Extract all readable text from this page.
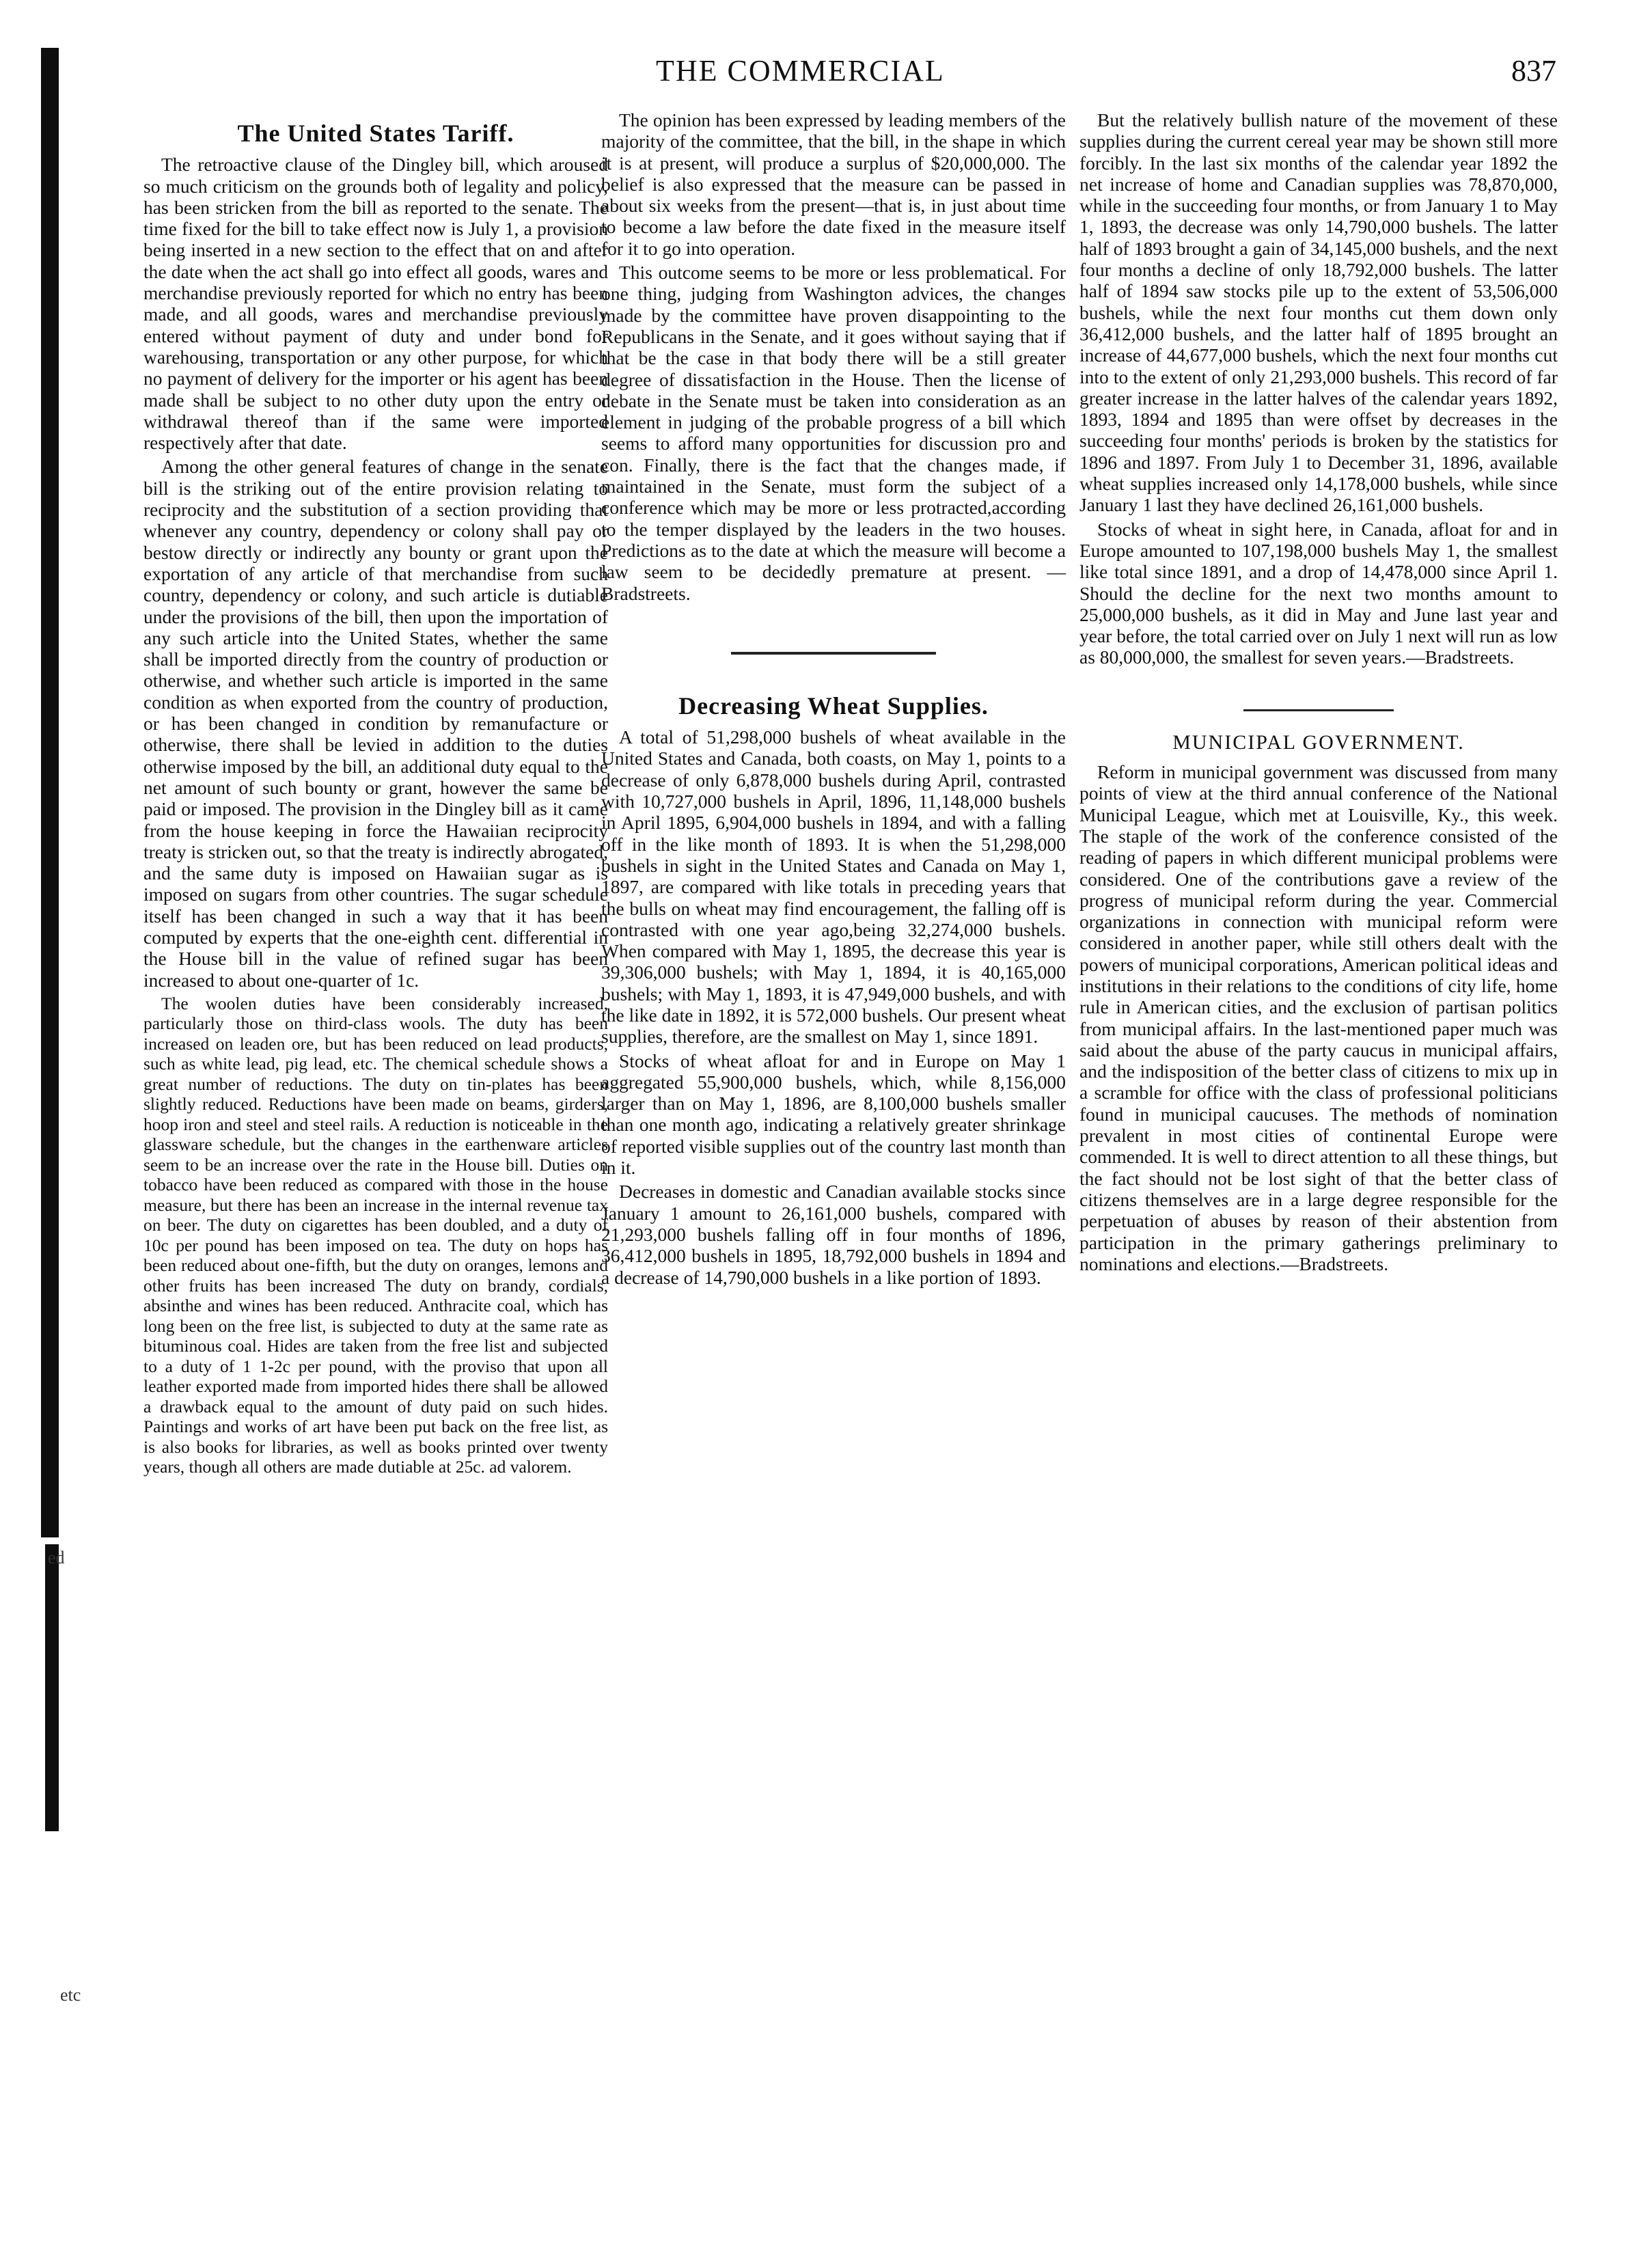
ed
etc
THE COMMERCIAL	837
The United States Tariff.

The retroactive clause of the Dingley bill, which aroused so much criticism on the grounds both of legality and policy, has been stricken from the bill as reported to the senate. The time fixed for the bill to take effect now is July 1, a provision being inserted in a new section to the effect that on and after the date when the act shall go into effect all goods, wares and merchandise previously reported for which no entry has been made, and all goods, wares and merchandise previously entered without payment of duty and under bond for warehousing, transportation or any other purpose, for which no payment of delivery for the importer or his agent has been made shall be subject to no other duty upon the entry or withdrawal thereof than if the same were imported respectively after that date.

Among the other general features of change in the senate bill is the striking out of the entire provision relating to reciprocity and the substitution of a section providing that whenever any country, dependency or colony shall pay or bestow directly or indirectly any bounty or grant upon the exportation of any article of that merchandise from such country, dependency or colony, and such article is dutiable under the provisions of the bill, then upon the importation of any such article into the United States, whether the same shall be imported directly from the country of production or otherwise, and whether such article is imported in the same condition as when exported from the country of production, or has been changed in condition by remanufacture or otherwise, there shall be levied in addition to the duties otherwise imposed by the bill, an additional duty equal to the net amount of such bounty or grant, however the same be paid or imposed. The provision in the Dingley bill as it came from the house keeping in force the Hawaiian reciprocity treaty is stricken out, so that the treaty is indirectly abrogated, and the same duty is imposed on Hawaiian sugar as is imposed on sugars from other countries. The sugar schedule itself has been changed in such a way that it has been computed by experts that the one-eighth cent. differential in the House bill in the value of refined sugar has been increased to about one-quarter of 1c.

The woolen duties have been considerably increased, particularly those on third-class wools. The duty has been increased on leaden ore, but has been reduced on lead products, such as white lead, pig lead, etc. The chemical schedule shows a great number of reductions. The duty on tin-plates has been slightly reduced. Reductions have been made on beams, girders, hoop iron and steel and steel rails. A reduction is noticeable in the glassware schedule, but the changes in the earthenware articles seem to be an increase over the rate in the House bill. Duties on tobacco have been reduced as compared with those in the house measure, but there has been an increase in the internal revenue tax on beer. The duty on cigarettes has been doubled, and a duty of 10c per pound has been imposed on tea. The duty on hops has been reduced about one-fifth, but the duty on oranges, lemons and other fruits has been increased The duty on brandy, cordials, absinthe and wines has been reduced. Anthracite coal, which has long been on the free list, is subjected to duty at the same rate as bituminous coal. Hides are taken from the free list and subjected to a duty of 1 1-2c per pound, with the proviso that upon all leather exported made from imported hides there shall be allowed a drawback equal to the amount of duty paid on such hides. Paintings and works of art have been put back on the free list, as is also books for libraries, as well as books printed over twenty years, though all others are made dutiable at 25c. ad valorem.

The opinion has been expressed by leading members of the majority of the committee, that the bill, in the shape in which it is at present, will produce a surplus of $20,000,000. The belief is also expressed that the measure can be passed in about six weeks from the present—that is, in just about time to become a law before the date fixed in the measure itself for it to go into operation.

This outcome seems to be more or less problematical. For one thing, judging from Washington advices, the changes made by the committee have proven disappointing to the Republicans in the Senate, and it goes without saying that if that be the case in that body there will be a still greater degree of dissatisfaction in the House. Then the license of debate in the Senate must be taken into consideration as an element in judging of the probable progress of a bill which seems to afford many opportunities for discussion pro and con. Finally, there is the fact that the changes made, if maintained in the Senate, must form the subject of a conference which may be more or less protracted,according to the temper displayed by the leaders in the two houses. Predictions as to the date at which the measure will become a law seem to be decidedly premature at present. —Bradstreets.

Decreasing Wheat Supplies.

A total of 51,298,000 bushels of wheat available in the United States and Canada, both coasts, on May 1, points to a decrease of only 6,878,000 bushels during April, contrasted with 10,727,000 bushels in April, 1896, 11,148,000 bushels in April 1895, 6,904,000 bushels in 1894, and with a falling off in the like month of 1893. It is when the 51,298,000 bushels in sight in the United States and Canada on May 1, 1897, are compared with like totals in preceding years that the bulls on wheat may find encouragement, the falling off is contrasted with one year ago,being 32,274,000 bushels. When compared with May 1, 1895, the decrease this year is 39,306,000 bushels; with May 1, 1894, it is 40,165,000 bushels; with May 1, 1893, it is 47,949,000 bushels, and with the like date in 1892, it is 572,000 bushels. Our present wheat supplies, therefore, are the smallest on May 1, since 1891.

Stocks of wheat afloat for and in Europe on May 1 aggregated 55,900,000 bushels, which, while 8,156,000 larger than on May 1, 1896, are 8,100,000 bushels smaller than one month ago, indicating a relatively greater shrinkage of reported visible supplies out of the country last month than in it.

Decreases in domestic and Canadian available stocks since January 1 amount to 26,161,000 bushels, compared with 21,293,000 bushels falling off in four months of 1896, 36,412,000 bushels in 1895, 18,792,000 bushels in 1894 and a decrease of 14,790,000 bushels in a like portion of 1893.

But the relatively bullish nature of the movement of these supplies during the current cereal year may be shown still more forcibly. In the last six months of the calendar year 1892 the net increase of home and Canadian supplies was 78,870,000, while in the succeeding four months, or from January 1 to May 1, 1893, the decrease was only 14,790,000 bushels. The latter half of 1893 brought a gain of 34,145,000 bushels, and the next four months a decline of only 18,792,000 bushels. The latter half of 1894 saw stocks pile up to the extent of 53,506,000 bushels, while the next four months cut them down only 36,412,000 bushels, and the latter half of 1895 brought an increase of 44,677,000 bushels, which the next four months cut into to the extent of only 21,293,000 bushels. This record of far greater increase in the latter halves of the calendar years 1892, 1893, 1894 and 1895 than were offset by decreases in the succeeding four months' periods is broken by the statistics for 1896 and 1897. From July 1 to December 31, 1896, available wheat supplies increased only 14,178,000 bushels, while since January 1 last they have declined 26,161,000 bushels.

Stocks of wheat in sight here, in Canada, afloat for and in Europe amounted to 107,198,000 bushels May 1, the smallest like total since 1891, and a drop of 14,478,000 since April 1. Should the decline for the next two months amount to 25,000,000 bushels, as it did in May and June last year and year before, the total carried over on July 1 next will run as low as 80,000,000, the smallest for seven years.—Bradstreets.

MUNICIPAL GOVERNMENT.

Reform in municipal government was discussed from many points of view at the third annual conference of the National Municipal League, which met at Louisville, Ky., this week. The staple of the work of the conference consisted of the reading of papers in which different municipal problems were considered. One of the contributions gave a review of the progress of municipal reform during the year. Commercial organizations in connection with municipal reform were considered in another paper, while still others dealt with the powers of municipal corporations, American political ideas and institutions in their relations to the conditions of city life, home rule in American cities, and the exclusion of partisan politics from municipal affairs. In the last-mentioned paper much was said about the abuse of the party caucus in municipal affairs, and the indisposition of the better class of citizens to mix up in a scramble for office with the class of professional politicians found in municipal caucuses. The methods of nomination prevalent in most cities of continental Europe were commended. It is well to direct attention to all these things, but the fact should not be lost sight of that the better class of citizens themselves are in a large degree responsible for the perpetuation of abuses by reason of their abstention from participation in the primary gatherings preliminary to nominations and elections.—Bradstreets.
